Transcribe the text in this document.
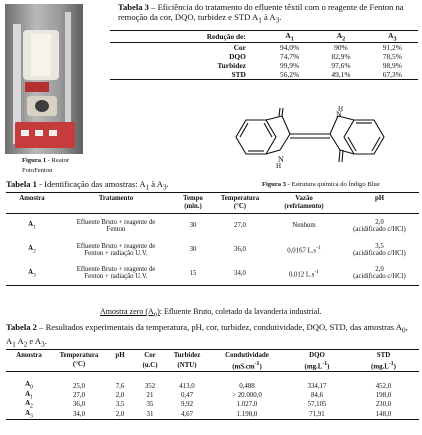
Figura 1 - Reator
FotoFenton
Tabela 3 – Eficiência do tratamento do efluente têxtil com o reagente de Fenton na remoção da cor, DQO, turbidez e STD $A_1$ à $A_3$.
Redução de:	$A_1$	$A_2$	$A_3$
Cor	94,0%	90%	91,2%
DQO	74,7%	82,9%	78,5%
Turbidez	99,9%	97,6%	98,9%
STD	56,2%	49,1%	67,3%
N
H
N
H
Figura 3 - Estrutura química do Índigo Blue
Tabela 1 - Identificação das amostras: $A_1$ à $A_3$.
Amostra	Tratamento	Tempo	Temperatura	Vazão	pH
		(min.)	(°C)	(refriamento)	
$A_1$	Efluente Bruto + reagente de
Fenton	30	27,0	Nenhum	2,0
(acidificado c/HCl)
$A_2$	Efluente Bruto + reagente de
Fenton + radiação U.V.	30	36,0	0,0167 $L.s^{-1}$	3,5
(acidificado c/HCl)
$A_3$	Efluente Bruto + reagente de
Fenton + radiação U.V.	15	34,0	0,012 $L.s^{-1}$	2,0
(acidificado c/HCl)
Amostra zero $(A_0)$: Efluente Bruto, coletado da lavanderia industrial.
Tabela 2 – Resultados experimentais da temperatura, pH, cor, turbidez, condutividade, DQO, STD, das amostras $A_0$, $A_1$ $A_2$ e $A_3$.
Amostra	Temperatura	pH	Cor	Turbidez	Condutividade	DQO	STD
	(°C)		(u.C)	(NTU)	$(mS.cm^{-1})$	$(mg.L^{-1})$	$(mg.L^{-1})$

$A_0$	25,0	7,6	352	413,0	0,488	334,17	452,0
$A_1$	27,0	2,0	21	0,47	> 20.000,0	84,6	198,0
$A_2$	36,0	3,5	35	9,92	1.027,0	57,105	230,0
$A_3$	34,0	2,0	31	4,67	1.198,0	71,91	148,0
